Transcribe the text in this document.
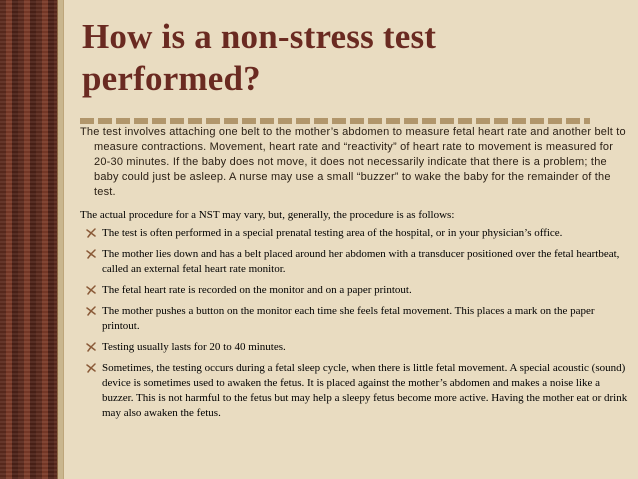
How is a non-stress test performed?

The test involves attaching one belt to the mother’s abdomen to measure fetal heart rate and another belt to measure contractions. Movement, heart rate and “reactivity” of heart rate to movement is measured for 20-30 minutes. If the baby does not move, it does not necessarily indicate that there is a problem; the baby could just be asleep. A nurse may use a small “buzzer” to wake the baby for the remainder of the test.

The actual procedure for a NST may vary, but, generally, the procedure is as follows:

The test is often performed in a special prenatal testing area of the hospital, or in your physician’s office.
The mother lies down and has a belt placed around her abdomen with a transducer positioned over the fetal heartbeat, called an external fetal heart rate monitor.
The fetal heart rate is recorded on the monitor and on a paper printout.
The mother pushes a button on the monitor each time she feels fetal movement. This places a mark on the paper printout.
Testing usually lasts for 20 to 40 minutes.
Sometimes, the testing occurs during a fetal sleep cycle, when there is little fetal movement. A special acoustic (sound) device is sometimes used to awaken the fetus. It is placed against the mother’s abdomen and makes a noise like a buzzer. This is not harmful to the fetus but may help a sleepy fetus become more active. Having the mother eat or drink may also awaken the fetus.
